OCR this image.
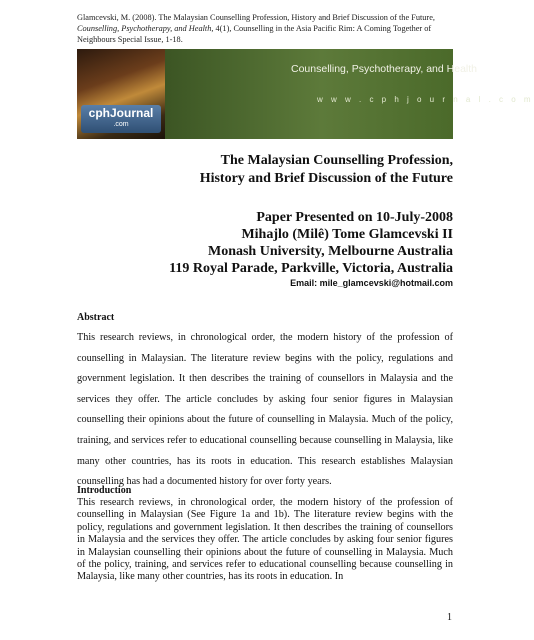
Glamcevski, M. (2008). The Malaysian Counselling Profession, History and Brief Discussion of the Future, Counselling, Psychotherapy, and Health, 4(1), Counselling in the Asia Pacific Rim: A Coming Together of Neighbours Special Issue, 1-18.
cphJournal
.com
Counselling, Psychotherapy, and Health
w w w . c p h j o u r n a l . c o m
The Malaysian Counselling Profession,
History and Brief Discussion of the Future
Paper Presented on 10-July-2008
Mihajlo (Milê) Tome Glamcevski II
Monash University, Melbourne Australia
119 Royal Parade, Parkville, Victoria, Australia
Email: mile_glamcevski@hotmail.com
Abstract
This research reviews, in chronological order, the modern history of the profession of counselling in Malaysian. The literature review begins with the policy, regulations and government legislation. It then describes the training of counsellors in Malaysia and the services they offer. The article concludes by asking four senior figures in Malaysian counselling their opinions about the future of counselling in Malaysia. Much of the policy, training, and services refer to educational counselling because counselling in Malaysia, like many other countries, has its roots in education. This research establishes Malaysian counselling has had a documented history for over forty years.
Introduction
This research reviews, in chronological order, the modern history of the profession of counselling in Malaysian (See Figure 1a and 1b). The literature review begins with the policy, regulations and government legislation. It then describes the training of counsellors in Malaysia and the services they offer. The article concludes by asking four senior figures in Malaysian counselling their opinions about the future of counselling in Malaysia. Much of the policy, training, and services refer to educational counselling because counselling in Malaysia, like many other countries, has its roots in education. In
1
